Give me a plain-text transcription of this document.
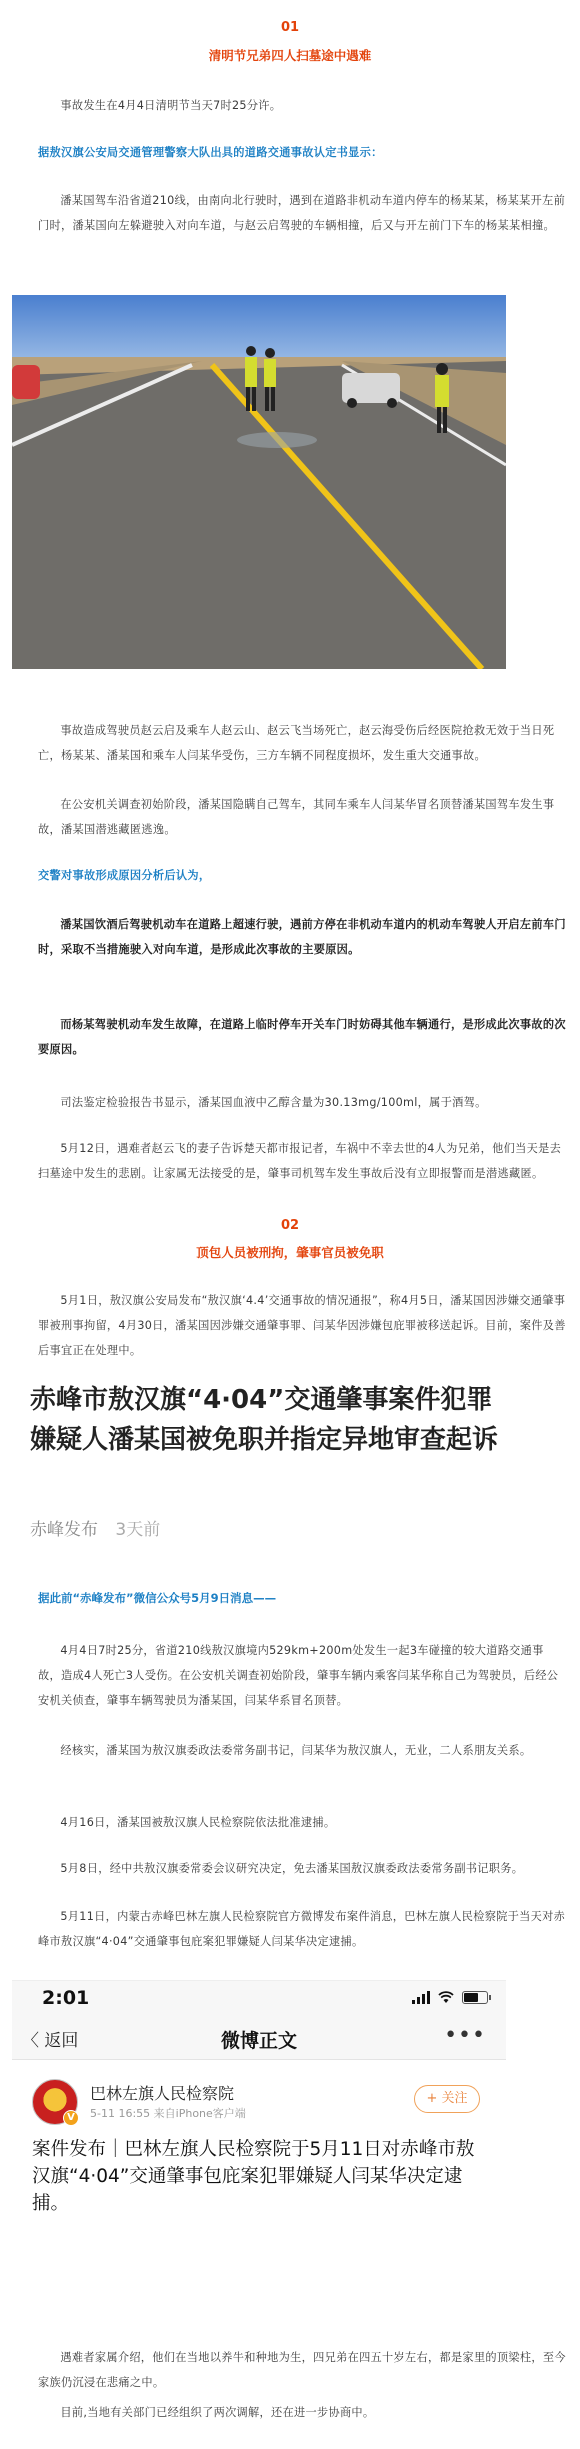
01
清明节兄弟四人扫墓途中遇难
事故发生在4月4日清明节当天7时25分许。
据敖汉旗公安局交通管理警察大队出具的道路交通事故认定书显示：
潘某国驾车沿省道210线，由南向北行驶时，遇到在道路非机动车道内停车的杨某某，杨某某开左前门时，潘某国向左躲避驶入对向车道，与赵云启驾驶的车辆相撞，后又与开左前门下车的杨某某相撞。
事故造成驾驶员赵云启及乘车人赵云山、赵云飞当场死亡，赵云海受伤后经医院抢救无效于当日死亡，杨某某、潘某国和乘车人闫某华受伤，三方车辆不同程度损坏，发生重大交通事故。
在公安机关调查初始阶段，潘某国隐瞒自己驾车，其同车乘车人闫某华冒名顶替潘某国驾车发生事故，潘某国潜逃藏匿逃逸。
交警对事故形成原因分析后认为，
潘某国饮酒后驾驶机动车在道路上超速行驶，遇前方停在非机动车道内的机动车驾驶人开启左前车门时，采取不当措施驶入对向车道，是形成此次事故的主要原因。
而杨某驾驶机动车发生故障，在道路上临时停车开关车门时妨碍其他车辆通行，是形成此次事故的次要原因。
司法鉴定检验报告书显示，潘某国血液中乙醇含量为30.13mg/100ml，属于酒驾。
5月12日，遇难者赵云飞的妻子告诉楚天都市报记者，车祸中不幸去世的4人为兄弟，他们当天是去扫墓途中发生的悲剧。让家属无法接受的是，肇事司机驾车发生事故后没有立即报警而是潜逃藏匿。
02
顶包人员被刑拘，肇事官员被免职
5月1日，敖汉旗公安局发布“敖汉旗‘4.4’交通事故的情况通报”，称4月5日，潘某国因涉嫌交通肇事罪被刑事拘留，4月30日，潘某国因涉嫌交通肇事罪、闫某华因涉嫌包庇罪被移送起诉。目前，案件及善后事宜正在处理中。
赤峰市敖汉旗“4·04”交通肇事案件犯罪嫌疑人潘某国被免职并指定异地审查起诉
赤峰发布 3天前
据此前“赤峰发布”微信公众号5月9日消息——
4月4日7时25分，省道210线敖汉旗境内529km+200m处发生一起3车碰撞的较大道路交通事故，造成4人死亡3人受伤。在公安机关调查初始阶段，肇事车辆内乘客闫某华称自己为驾驶员，后经公安机关侦查，肇事车辆驾驶员为潘某国，闫某华系冒名顶替。
经核实，潘某国为敖汉旗委政法委常务副书记，闫某华为敖汉旗人，无业，二人系朋友关系。
4月16日，潘某国被敖汉旗人民检察院依法批准逮捕。
5月8日，经中共敖汉旗委常委会议研究决定，免去潘某国敖汉旗委政法委常务副书记职务。
5月11日，内蒙古赤峰巴林左旗人民检察院官方微博发布案件消息，巴林左旗人民检察院于当天对赤峰市敖汉旗“4·04”交通肇事包庇案犯罪嫌疑人闫某华决定逮捕。
2:01
〈 返回	微博正文	•••
V
巴林左旗人民检察院
5-11 16:55 来自iPhone客户端
+ 关注
案件发布｜巴林左旗人民检察院于5月11日对赤峰市敖汉旗“4·04”交通肇事包庇案犯罪嫌疑人闫某华决定逮捕。
遇难者家属介绍，他们在当地以养牛和种地为生，四兄弟在四五十岁左右，都是家里的顶梁柱，至今家族仍沉浸在悲痛之中。
目前,当地有关部门已经组织了两次调解，还在进一步协商中。
